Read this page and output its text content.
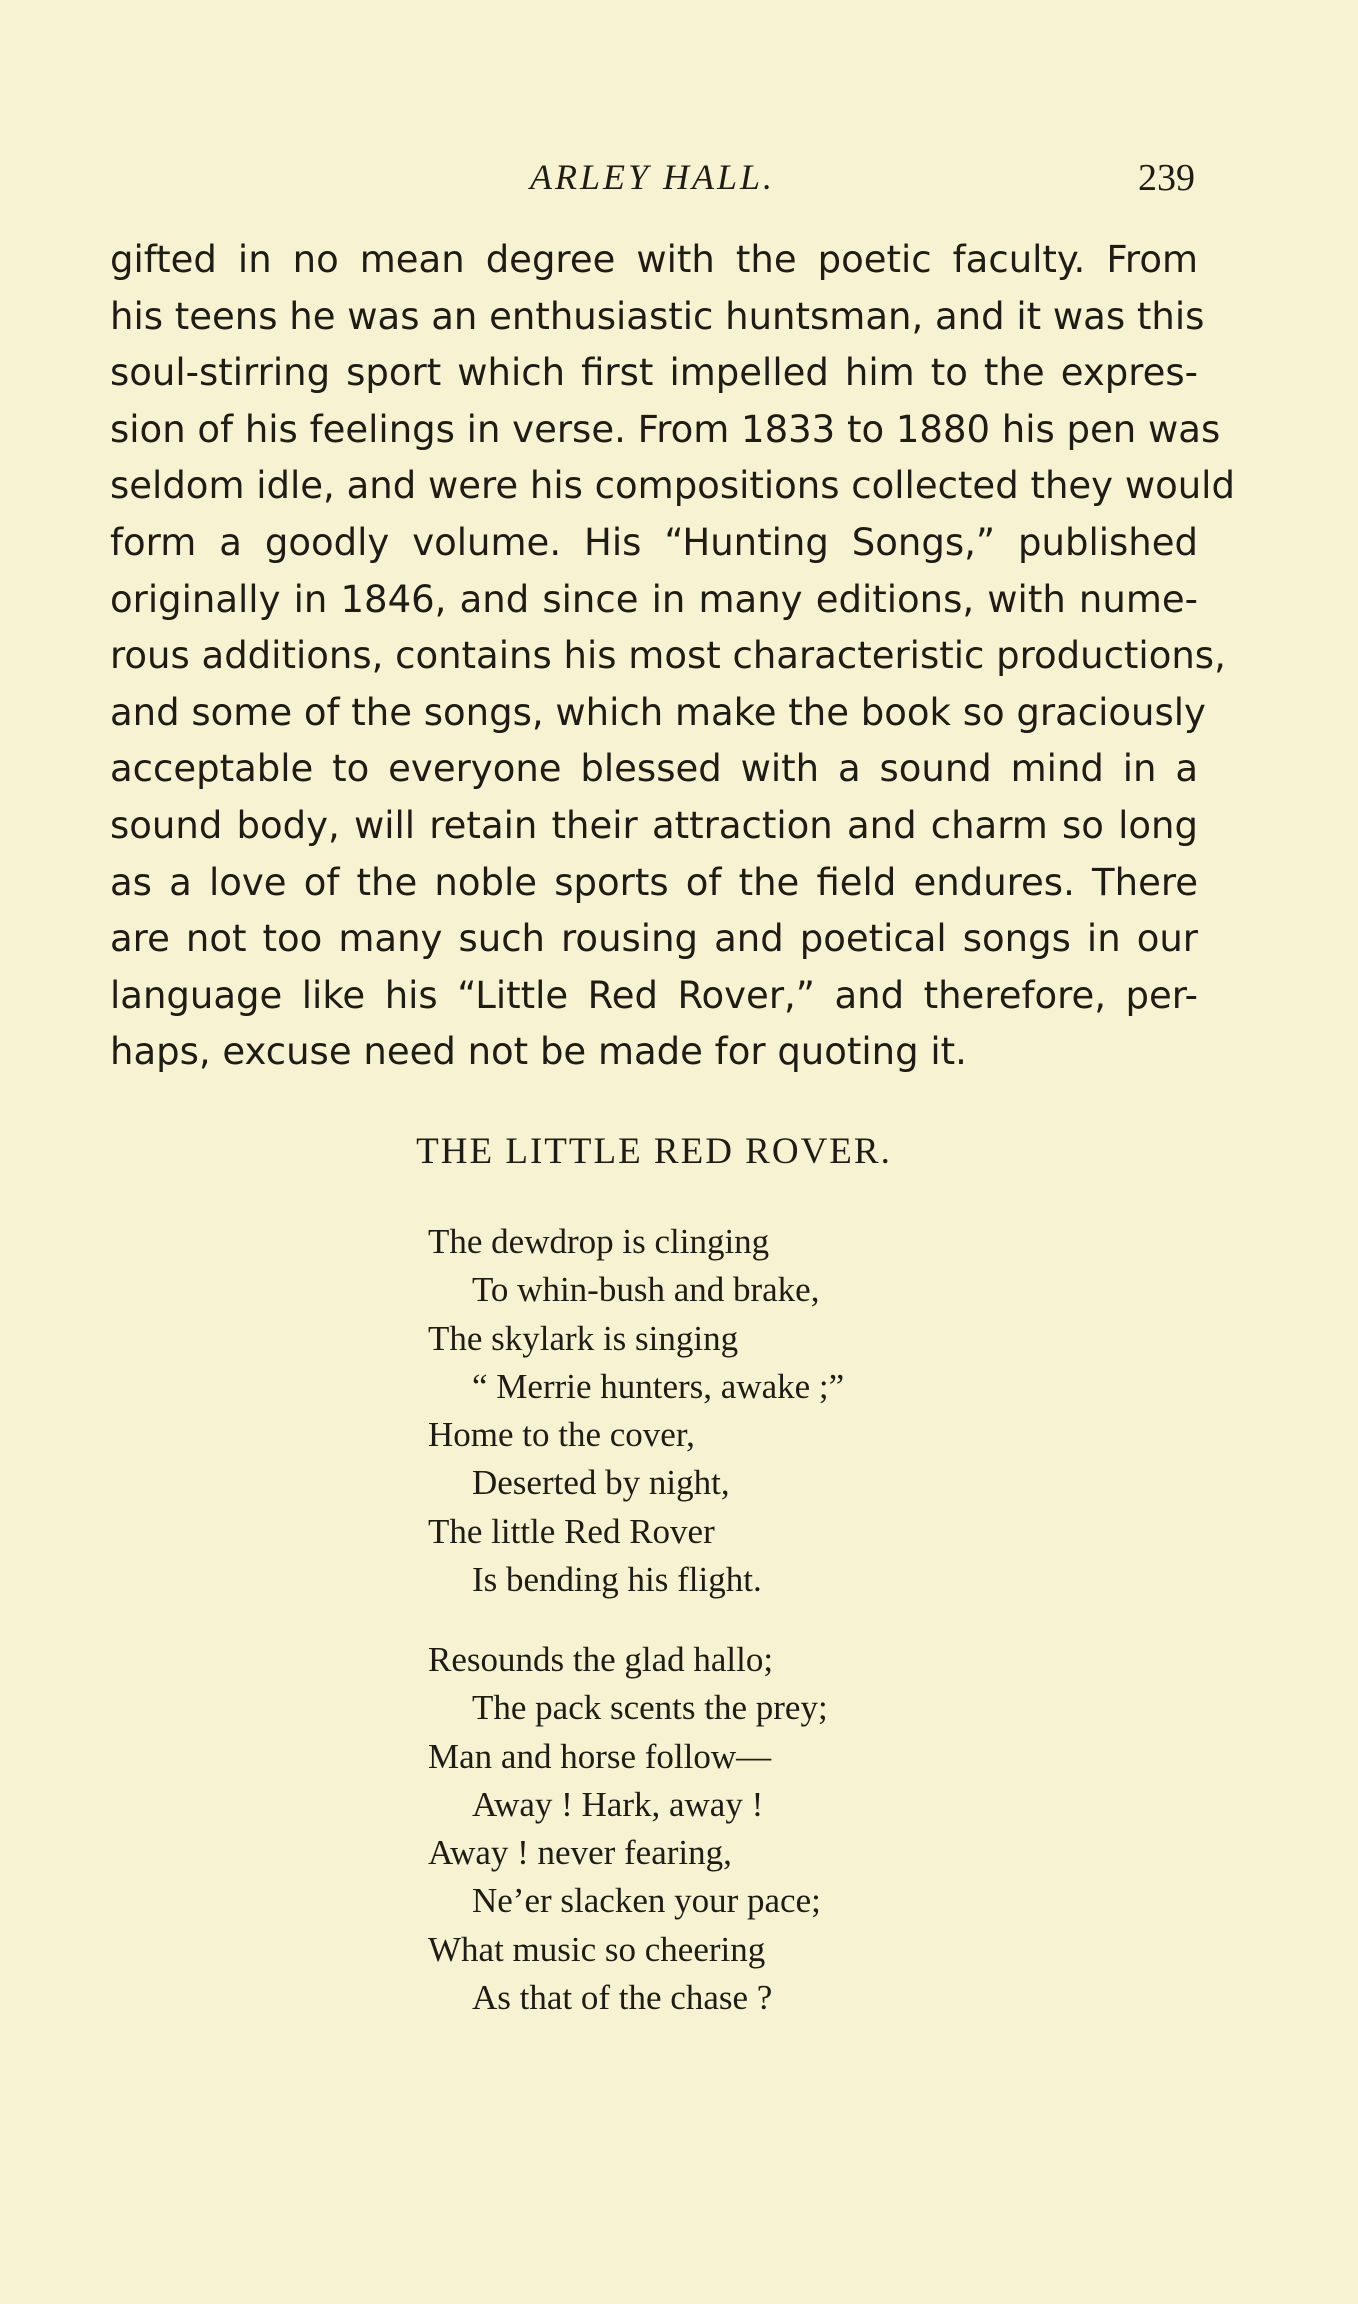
ARLEY HALL.	239
gifted in no mean degree with the poetic faculty. From
his teens he was an enthusiastic huntsman, and it was this
soul-stirring sport which first impelled him to the expres-
sion of his feelings in verse. From 1833 to 1880 his pen was
seldom idle, and were his compositions collected they would
form a goodly volume. His “Hunting Songs,” published
originally in 1846, and since in many editions, with nume-
rous additions, contains his most characteristic productions,
and some of the songs, which make the book so graciously
acceptable to everyone blessed with a sound mind in a
sound body, will retain their attraction and charm so long
as a love of the noble sports of the field endures. There
are not too many such rousing and poetical songs in our
language like his “Little Red Rover,” and therefore, per-
haps, excuse need not be made for quoting it.
THE LITTLE RED ROVER.
The dewdrop is clinging
To whin-bush and brake,
The skylark is singing
“ Merrie hunters, awake ;”
Home to the cover,
Deserted by night,
The little Red Rover
Is bending his flight.
Resounds the glad hallo;
The pack scents the prey;
Man and horse follow—
Away ! Hark, away !
Away ! never fearing,
Ne’er slacken your pace;
What music so cheering
As that of the chase ?
